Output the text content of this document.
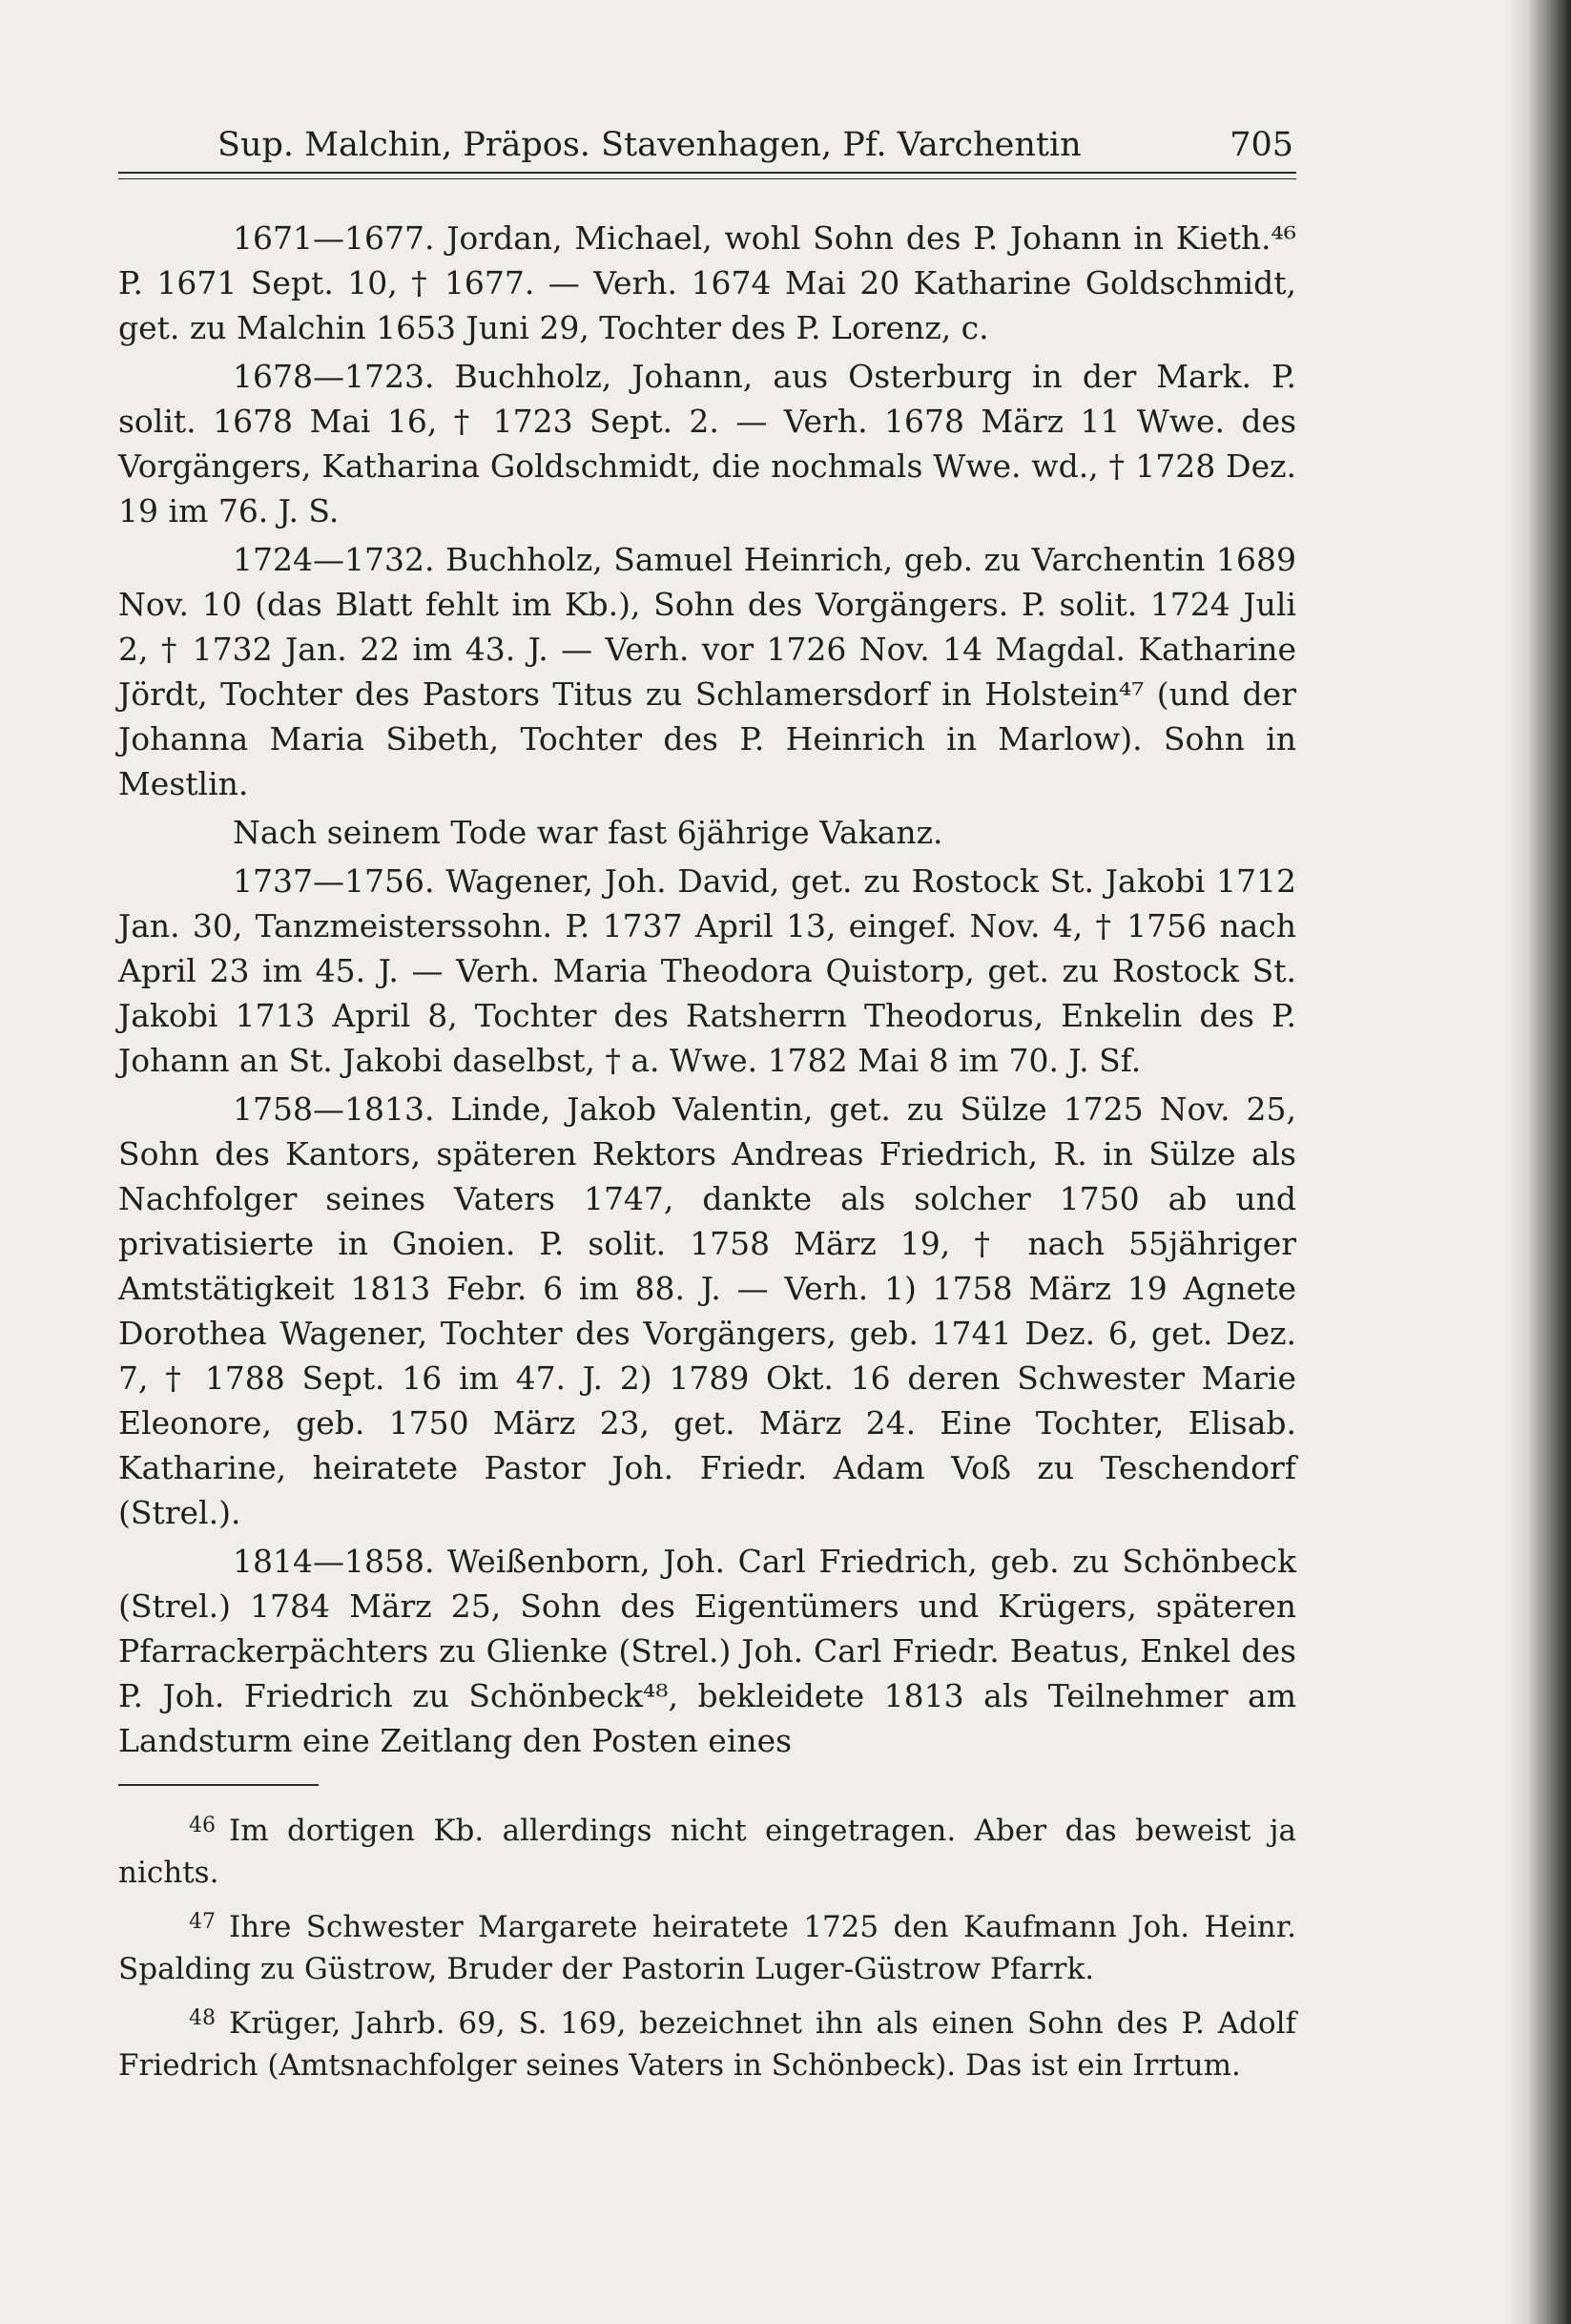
Sup. Malchin, Präpos. Stavenhagen, Pf. Varchentin	705

1671—1677. Jordan, Michael, wohl Sohn des P. Johann in Kieth.⁴⁶ P. 1671 Sept. 10, † 1677. — Verh. 1674 Mai 20 Katharine Goldschmidt, get. zu Malchin 1653 Juni 29, Tochter des P. Lorenz, c.

1678—1723. Buchholz, Johann, aus Osterburg in der Mark. P. solit. 1678 Mai 16, † 1723 Sept. 2. — Verh. 1678 März 11 Wwe. des Vorgängers, Katharina Goldschmidt, die nochmals Wwe. wd., † 1728 Dez. 19 im 76. J. S.

1724—1732. Buchholz, Samuel Heinrich, geb. zu Varchentin 1689 Nov. 10 (das Blatt fehlt im Kb.), Sohn des Vorgängers. P. solit. 1724 Juli 2, † 1732 Jan. 22 im 43. J. — Verh. vor 1726 Nov. 14 Magdal. Katharine Jördt, Tochter des Pastors Titus zu Schlamersdorf in Holstein⁴⁷ (und der Johanna Maria Sibeth, Tochter des P. Heinrich in Marlow). Sohn in Mestlin.

Nach seinem Tode war fast 6jährige Vakanz.

1737—1756. Wagener, Joh. David, get. zu Rostock St. Jakobi 1712 Jan. 30, Tanzmeisterssohn. P. 1737 April 13, eingef. Nov. 4, † 1756 nach April 23 im 45. J. — Verh. Maria Theodora Quistorp, get. zu Rostock St. Jakobi 1713 April 8, Tochter des Ratsherrn Theodorus, Enkelin des P. Johann an St. Jakobi daselbst, † a. Wwe. 1782 Mai 8 im 70. J. Sf.

1758—1813. Linde, Jakob Valentin, get. zu Sülze 1725 Nov. 25, Sohn des Kantors, späteren Rektors Andreas Friedrich, R. in Sülze als Nachfolger seines Vaters 1747, dankte als solcher 1750 ab und privatisierte in Gnoien. P. solit. 1758 März 19, † nach 55jähriger Amtstätigkeit 1813 Febr. 6 im 88. J. — Verh. 1) 1758 März 19 Agnete Dorothea Wagener, Tochter des Vorgängers, geb. 1741 Dez. 6, get. Dez. 7, † 1788 Sept. 16 im 47. J. 2) 1789 Okt. 16 deren Schwester Marie Eleonore, geb. 1750 März 23, get. März 24. Eine Tochter, Elisab. Katharine, heiratete Pastor Joh. Friedr. Adam Voß zu Teschendorf (Strel.).

1814—1858. Weißenborn, Joh. Carl Friedrich, geb. zu Schönbeck (Strel.) 1784 März 25, Sohn des Eigentümers und Krügers, späteren Pfarrackerpächters zu Glienke (Strel.) Joh. Carl Friedr. Beatus, Enkel des P. Joh. Friedrich zu Schönbeck⁴⁸, bekleidete 1813 als Teilnehmer am Landsturm eine Zeitlang den Posten eines

$^{46}$ Im dortigen Kb. allerdings nicht eingetragen. Aber das beweist ja nichts.

$^{47}$ Ihre Schwester Margarete heiratete 1725 den Kaufmann Joh. Heinr. Spalding zu Güstrow, Bruder der Pastorin Luger-Güstrow Pfarrk.

$^{48}$ Krüger, Jahrb. 69, S. 169, bezeichnet ihn als einen Sohn des P. Adolf Friedrich (Amtsnachfolger seines Vaters in Schönbeck). Das ist ein Irrtum.
